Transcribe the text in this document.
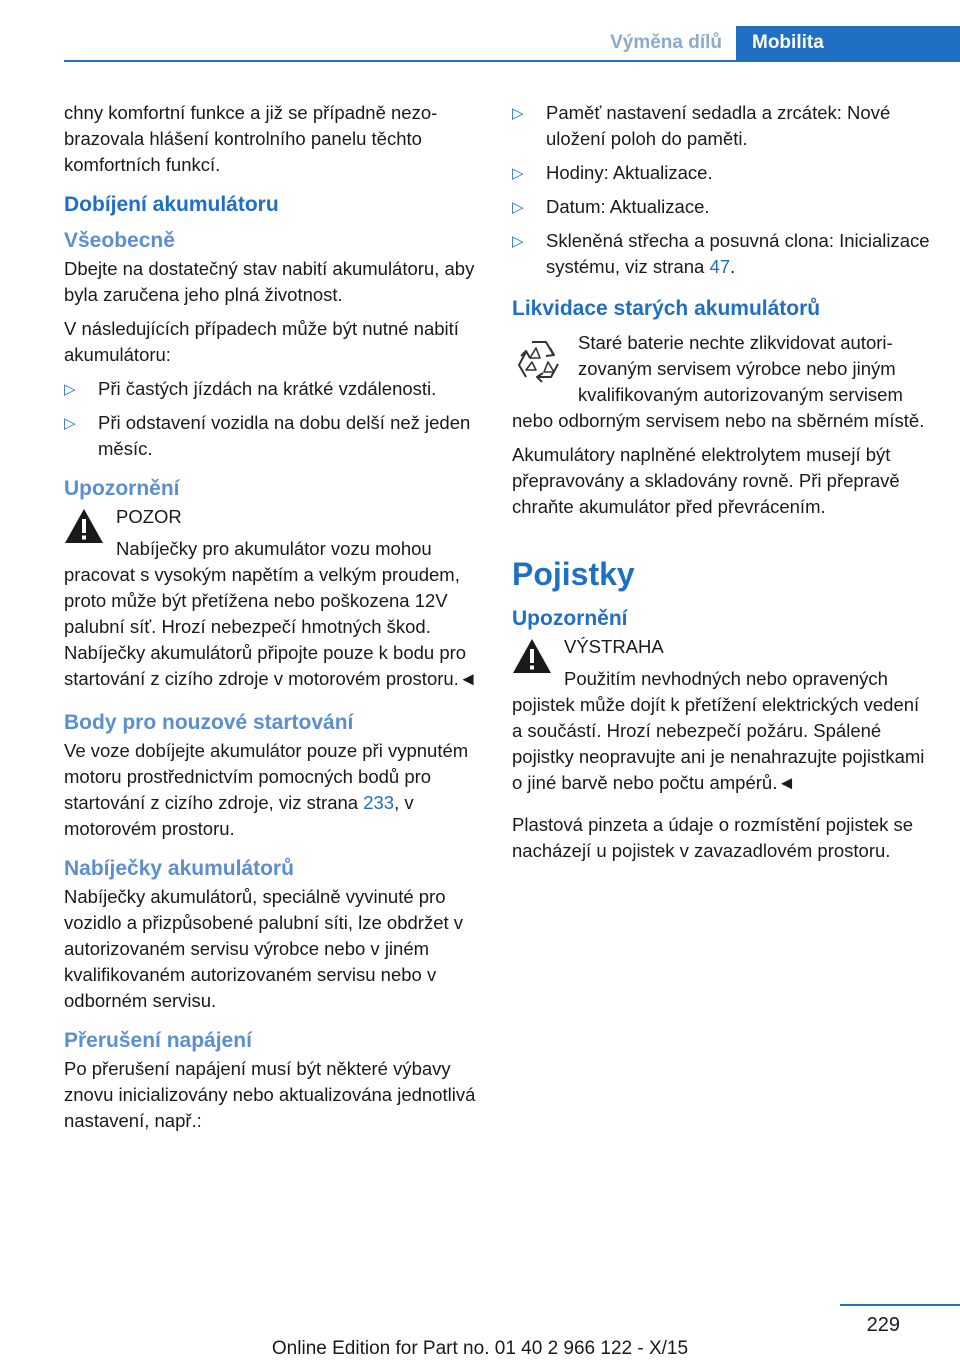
Výměna dílů	Mobilita

chny komfortní funkce a již se případně nezobrazovala hlášení kontrolního panelu těchto komfortních funkcí.

Dobíjení akumulátoru
Všeobecně

Dbejte na dostatečný stav nabití akumulátoru, aby byla zaručena jeho plná životnost.

V následujících případech může být nutné nabití akumulátoru:

▷ Při častých jízdách na krátké vzdálenosti.
▷ Při odstavení vozidla na dobu delší než jeden měsíc.
Upozornění
POZOR
Nabíječky pro akumulátor vozu mohou
pracovat s vysokým napětím a velkým proudem, proto může být přetížena nebo poškozena 12V palubní síť. Hrozí nebezpečí hmotných škod. Nabíječky akumulátorů připojte pouze k bodu pro startování z cizího zdroje v motorovém prostoru.◄
Body pro nouzové startování

Ve voze dobíjejte akumulátor pouze při vypnutém motoru prostřednictvím pomocných bodů pro startování z cizího zdroje, viz strana 233, v motorovém prostoru.

Nabíječky akumulátorů

Nabíječky akumulátorů, speciálně vyvinuté pro vozidlo a přizpůsobené palubní síti, lze obdržet v autorizovaném servisu výrobce nebo v jiném kvalifikovaném autorizovaném servisu nebo v odborném servisu.

Přerušení napájení

Po přerušení napájení musí být některé výbavy znovu inicializovány nebo aktualizována jednotlivá nastavení, např.:

▷ Paměť nastavení sedadla a zrcátek: Nové uložení poloh do paměti.
▷ Hodiny: Aktualizace.
▷ Datum: Aktualizace.
▷ Skleněná střecha a posuvná clona: Inicializace systému, viz strana 47.
Likvidace starých akumulátorů
Staré baterie nechte zlikvidovat autorizovaným servisem výrobce nebo jiným kvalifikovaným autorizovaným servisem

nebo odborným servisem nebo na sběrném místě.

Akumulátory naplněné elektrolytem musejí být přepravovány a skladovány rovně. Při přepravě chraňte akumulátor před převrácením.

Pojistky
Upozornění
VÝSTRAHA
Použitím nevhodných nebo opravených
pojistek může dojít k přetížení elektrických vedení a součástí. Hrozí nebezpečí požáru. Spálené pojistky neopravujte ani je nenahrazujte pojistkami o jiné barvě nebo počtu ampérů.◄

Plastová pinzeta a údaje o rozmístění pojistek se nacházejí u pojistek v zavazadlovém prostoru.

229
Online Edition for Part no. 01 40 2 966 122 - X/15
